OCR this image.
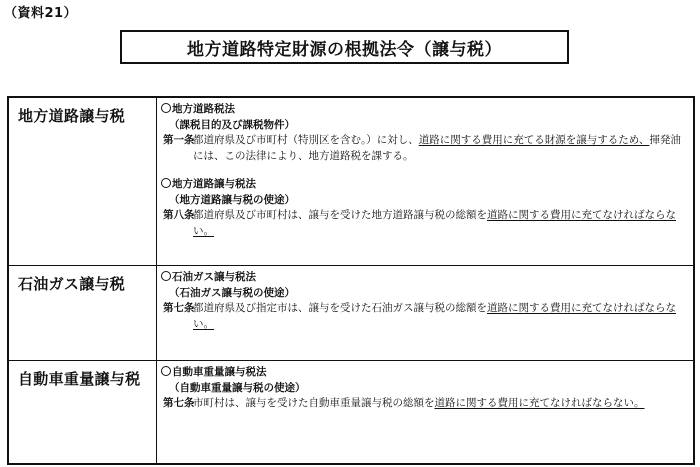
（資料21）
地方道路特定財源の根拠法令（譲与税）
地方道路譲与税	地方道路税法
（課税目的及び課税物件）
第一条
都道府県及び市町村（特別区を含む。）に対し、道路に関する費用に充てる財源を譲与するため、揮発油には、この法律により、地方道路税を課する。
地方道路譲与税法
（地方道路譲与税の使途）
第八条
都道府県及び市町村は、譲与を受けた地方道路譲与税の総額を道路に関する費用に充てなければならない。
石油ガス譲与税	石油ガス譲与税法
（石油ガス譲与税の使途）
第七条
都道府県及び指定市は、譲与を受けた石油ガス譲与税の総額を道路に関する費用に充てなければならない。
自動車重量譲与税	自動車重量譲与税法
（自動車重量譲与税の使途）
第七条
市町村は、譲与を受けた自動車重量譲与税の総額を道路に関する費用に充てなければならない。
